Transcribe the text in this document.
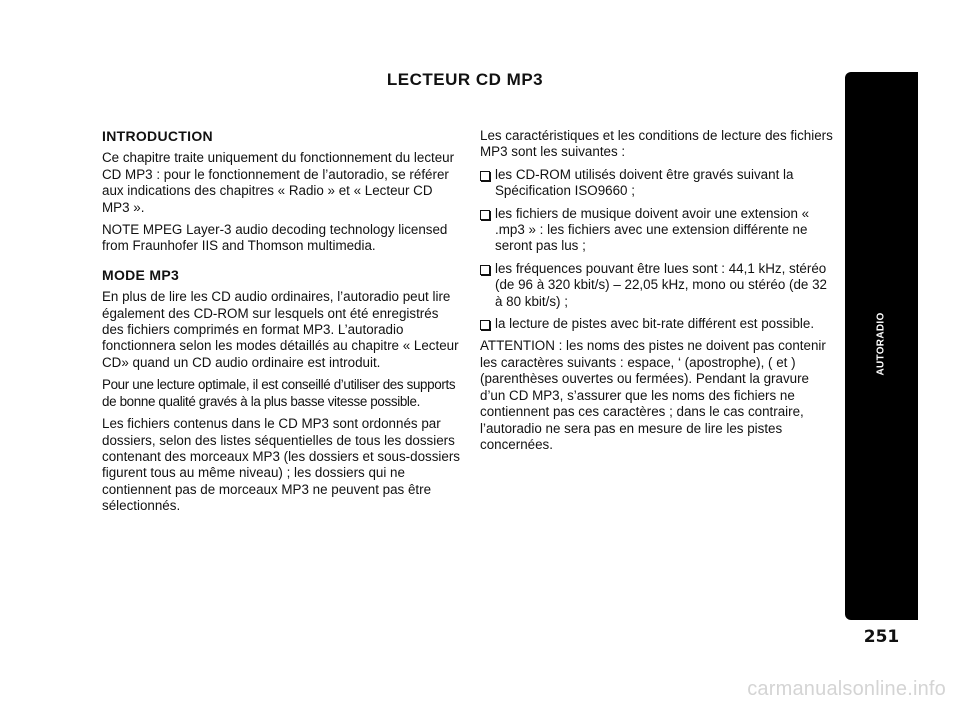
LECTEUR CD MP3
INTRODUCTION

Ce chapitre traite uniquement du fonctionnement du lecteur CD MP3 : pour le fonctionnement de l’autoradio, se référer aux indications des chapitres « Radio » et « Lecteur CD MP3 ».

NOTE MPEG Layer-3 audio decoding technology licensed from Fraunhofer IIS and Thomson multimedia.

MODE MP3

En plus de lire les CD audio ordinaires, l’autoradio peut lire également des CD-ROM sur lesquels ont été enregistrés des fichiers comprimés en format MP3. L’autoradio fonctionnera selon les modes détaillés au chapitre « Lecteur CD» quand un CD audio ordinaire est introduit.

Pour une lecture optimale, il est conseillé d’utiliser des supports de bonne qualité gravés à la plus basse vitesse possible.

Les fichiers contenus dans le CD MP3 sont ordonnés par dossiers, selon des listes séquentielles de tous les dossiers contenant des morceaux MP3 (les dossiers et sous-dossiers figurent tous au même niveau) ; les dossiers qui ne contiennent pas de morceaux MP3 ne peuvent pas être sélectionnés.

Les caractéristiques et les conditions de lecture des fichiers MP3 sont les suivantes :

les CD-ROM utilisés doivent être gravés suivant la Spécification ISO9660 ;
les fichiers de musique doivent avoir une extension « .mp3 » : les fichiers avec une extension différente ne seront pas lus ;
les fréquences pouvant être lues sont : 44,1 kHz, stéréo (de 96 à 320 kbit/s) – 22,05 kHz, mono ou stéréo (de 32 à 80 kbit/s) ;
la lecture de pistes avec bit-rate différent est possible.

ATTENTION : les noms des pistes ne doivent pas contenir les caractères suivants : espace, ‘ (apostrophe), ( et ) (parenthèses ouvertes ou fermées). Pendant la gravure d’un CD MP3, s’assurer que les noms des fichiers ne contiennent pas ces caractères ; dans le cas contraire, l’autoradio ne sera pas en mesure de lire les pistes concernées.

AUTORADIO
251
carmanualsonline.info
